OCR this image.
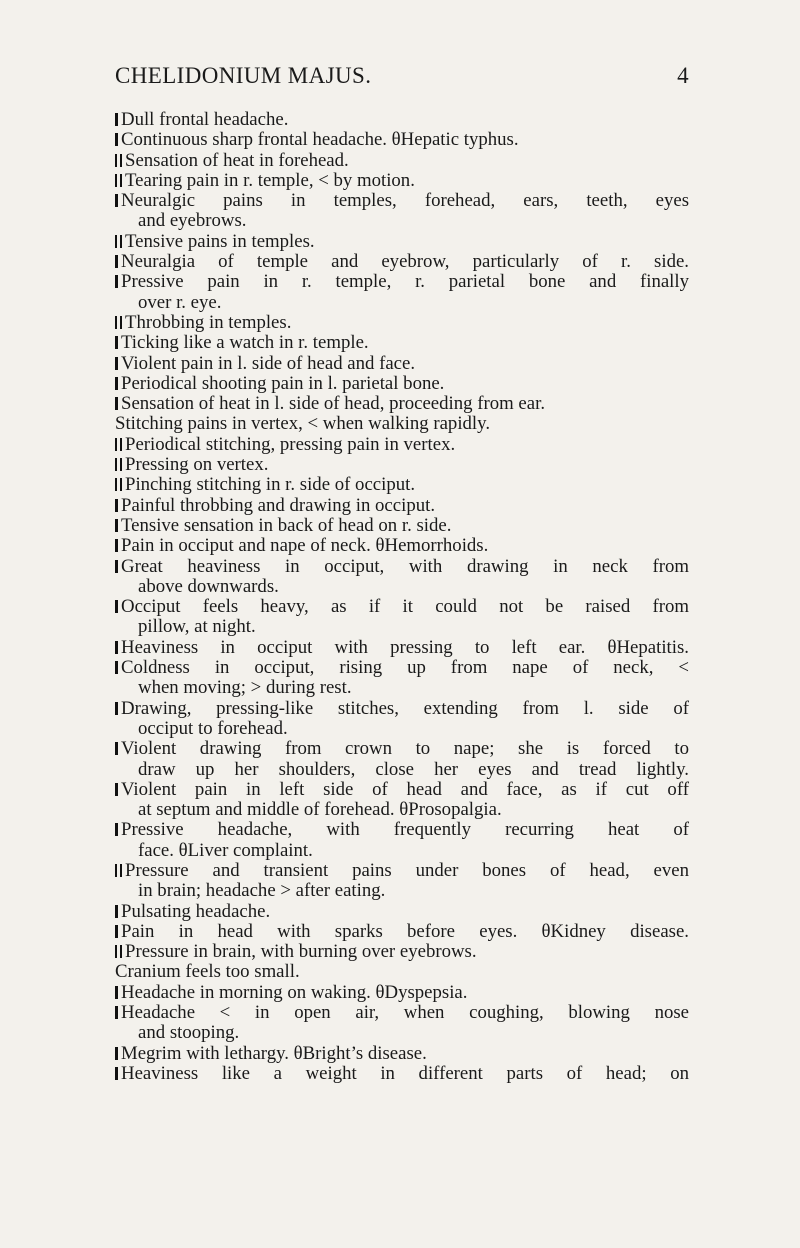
CHELIDONIUM MAJUS.	4
Dull frontal headache.
Continuous sharp frontal headache. θHepatic typhus.
Sensation of heat in forehead.
Tearing pain in r. temple, < by motion.
Neuralgic pains in temples, forehead, ears, teeth, eyes
and eyebrows.
Tensive pains in temples.
Neuralgia of temple and eyebrow, particularly of r. side.
Pressive pain in r. temple, r. parietal bone and finally
over r. eye.
Throbbing in temples.
Ticking like a watch in r. temple.
Violent pain in l. side of head and face.
Periodical shooting pain in l. parietal bone.
Sensation of heat in l. side of head, proceeding from ear.
Stitching pains in vertex, < when walking rapidly.
Periodical stitching, pressing pain in vertex.
Pressing on vertex.
Pinching stitching in r. side of occiput.
Painful throbbing and drawing in occiput.
Tensive sensation in back of head on r. side.
Pain in occiput and nape of neck. θHemorrhoids.
Great heaviness in occiput, with drawing in neck from
above downwards.
Occiput feels heavy, as if it could not be raised from
pillow, at night.
Heaviness in occiput with pressing to left ear. θHepatitis.
Coldness in occiput, rising up from nape of neck, <
when moving; > during rest.
Drawing, pressing-like stitches, extending from l. side of
occiput to forehead.
Violent drawing from crown to nape; she is forced to
draw up her shoulders, close her eyes and tread lightly.
Violent pain in left side of head and face, as if cut off
at septum and middle of forehead. θProsopalgia.
Pressive headache, with frequently recurring heat of
face. θLiver complaint.
Pressure and transient pains under bones of head, even
in brain; headache > after eating.
Pulsating headache.
Pain in head with sparks before eyes. θKidney disease.
Pressure in brain, with burning over eyebrows.
Cranium feels too small.
Headache in morning on waking. θDyspepsia.
Headache < in open air, when coughing, blowing nose
and stooping.
Megrim with lethargy. θBright’s disease.
Heaviness like a weight in different parts of head; on
